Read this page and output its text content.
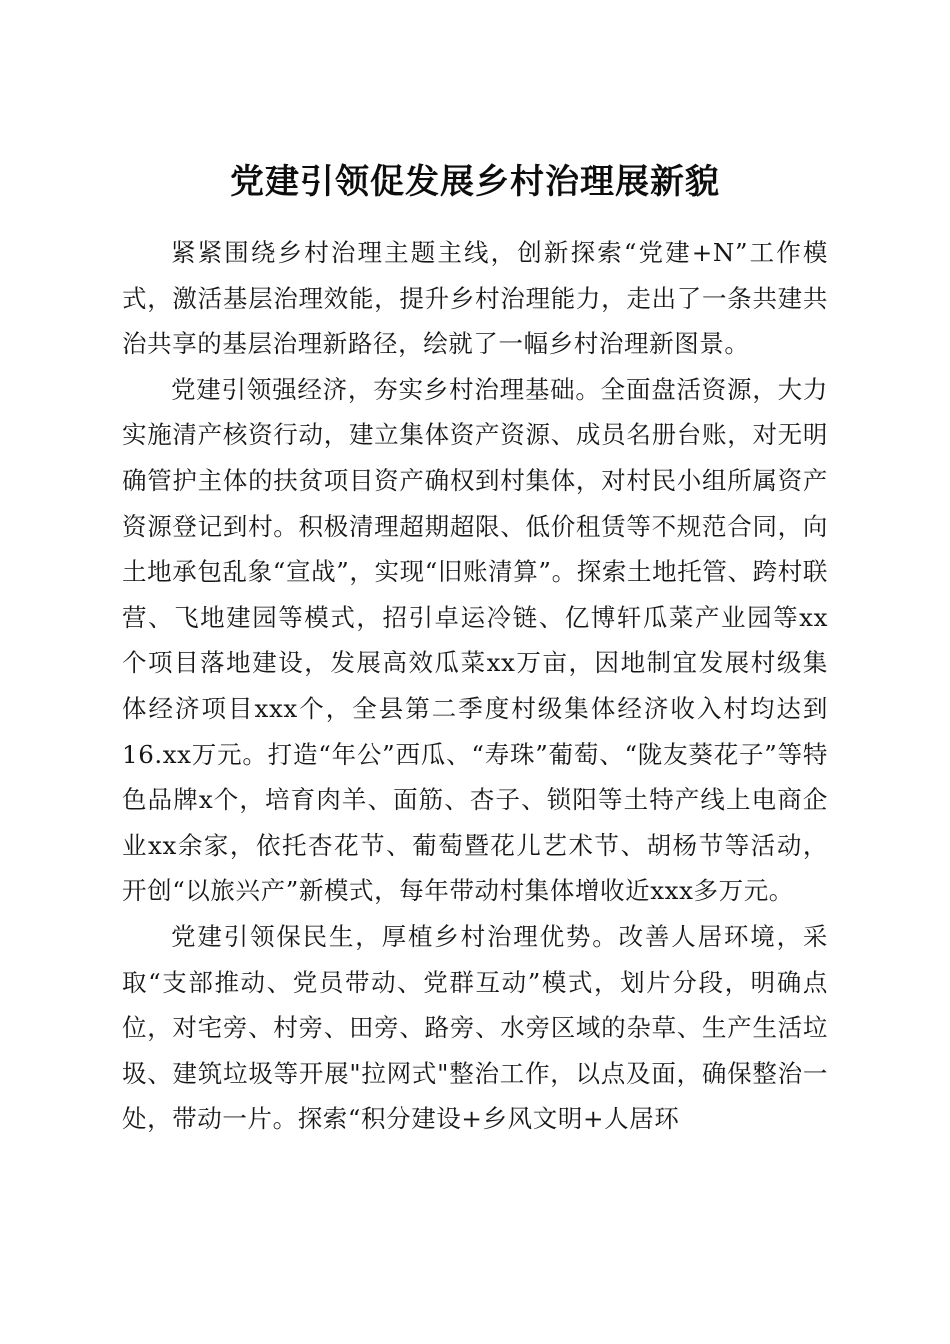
党建引领促发展乡村治理展新貌

紧紧围绕乡村治理主题主线，创新探索“党建+N”工作模式，激活基层治理效能，提升乡村治理能力，走出了一条共建共治共享的基层治理新路径，绘就了一幅乡村治理新图景。

党建引领强经济，夯实乡村治理基础。全面盘活资源，大力实施清产核资行动，建立集体资产资源、成员名册台账，对无明确管护主体的扶贫项目资产确权到村集体，对村民小组所属资产资源登记到村。积极清理超期超限、低价租赁等不规范合同，向土地承包乱象“宣战”，实现“旧账清算”。探索土地托管、跨村联营、飞地建园等模式，招引卓运冷链、亿博轩瓜菜产业园等xx个项目落地建设，发展高效瓜菜xx万亩，因地制宜发展村级集体经济项目xxx个，全县第二季度村级集体经济收入村均达到16.xx万元。打造“年公”西瓜、“寿珠”葡萄、“陇友葵花子”等特色品牌x个，培育肉羊、面筋、杏子、锁阳等土特产线上电商企业xx余家，依托杏花节、葡萄暨花儿艺术节、胡杨节等活动，开创“以旅兴产”新模式，每年带动村集体增收近xxx多万元。

党建引领保民生，厚植乡村治理优势。改善人居环境，采取“支部推动、党员带动、党群互动”模式，划片分段，明确点位，对宅旁、村旁、田旁、路旁、水旁区域的杂草、生产生活垃圾、建筑垃圾等开展"拉网式"整治工作，以点及面，确保整治一处，带动一片。探索“积分建设+乡风文明+人居环
